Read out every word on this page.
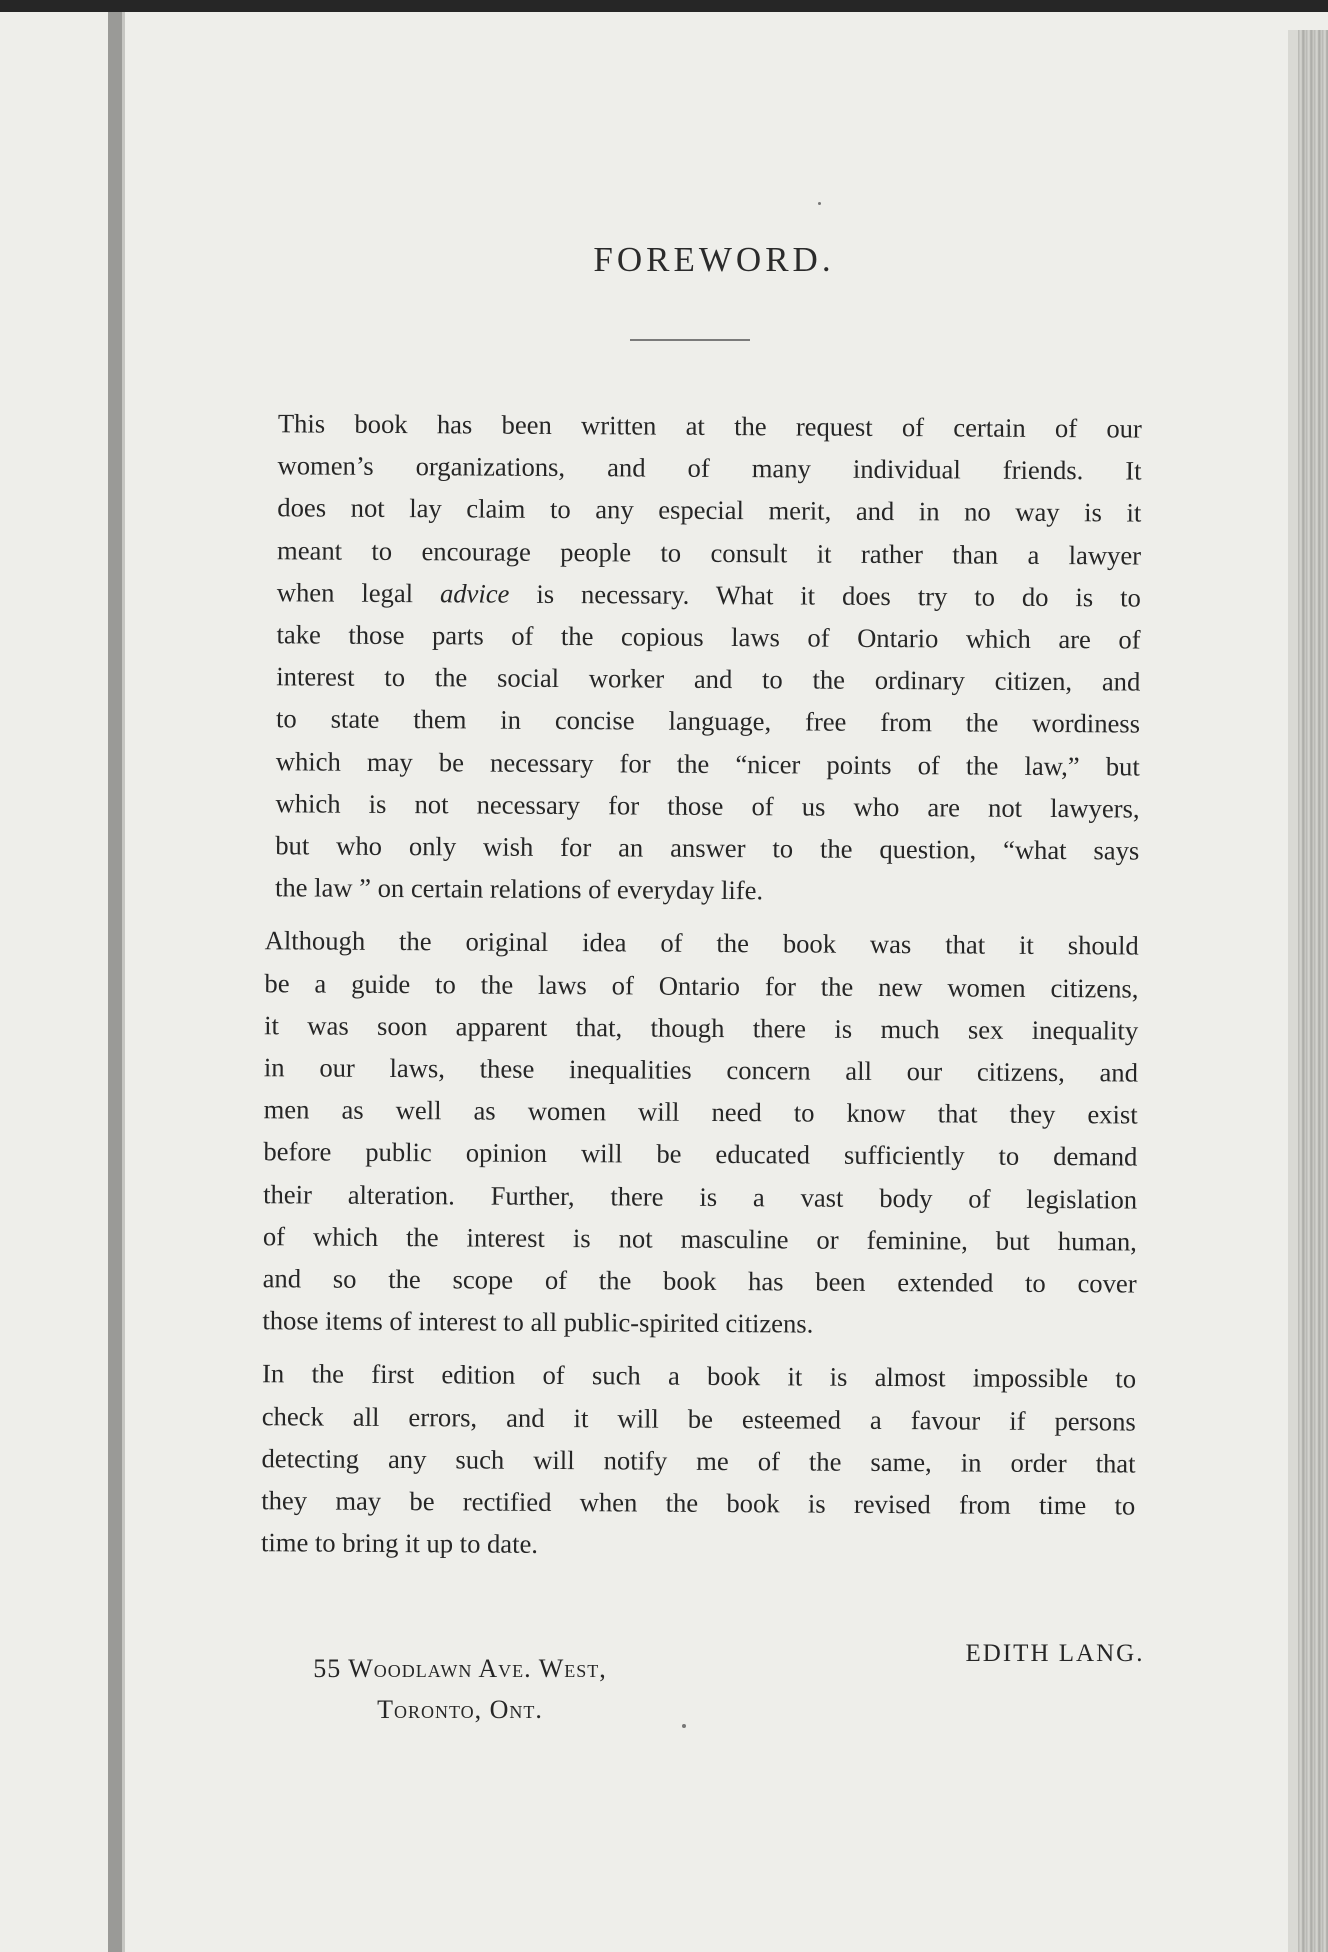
FOREWORD.

This book has been written at the request of certain of our
women’s organizations, and of many individual friends. It
does not lay claim to any especial merit, and in no way is it
meant to encourage people to consult it rather than a lawyer
when legal advice is necessary. What it does try to do is to
take those parts of the copious laws of Ontario which are of
interest to the social worker and to the ordinary citizen, and
to state them in concise language, free from the wordiness
which may be necessary for the “nicer points of the law,” but
which is not necessary for those of us who are not lawyers,
but who only wish for an answer to the question, “what says
the law ” on certain relations of everyday life.

Although the original idea of the book was that it should
be a guide to the laws of Ontario for the new women citizens,
it was soon apparent that, though there is much sex inequality
in our laws, these inequalities concern all our citizens, and
men as well as women will need to know that they exist
before public opinion will be educated sufficiently to demand
their alteration. Further, there is a vast body of legislation
of which the interest is not masculine or feminine, but human,
and so the scope of the book has been extended to cover
those items of interest to all public-spirited citizens.

In the first edition of such a book it is almost impossible to
check all errors, and it will be esteemed a favour if persons
detecting any such will notify me of the same, in order that
they may be rectified when the book is revised from time to
time to bring it up to date.

55 Woodlawn Ave. West,
Toronto, Ont.
EDITH LANG.
